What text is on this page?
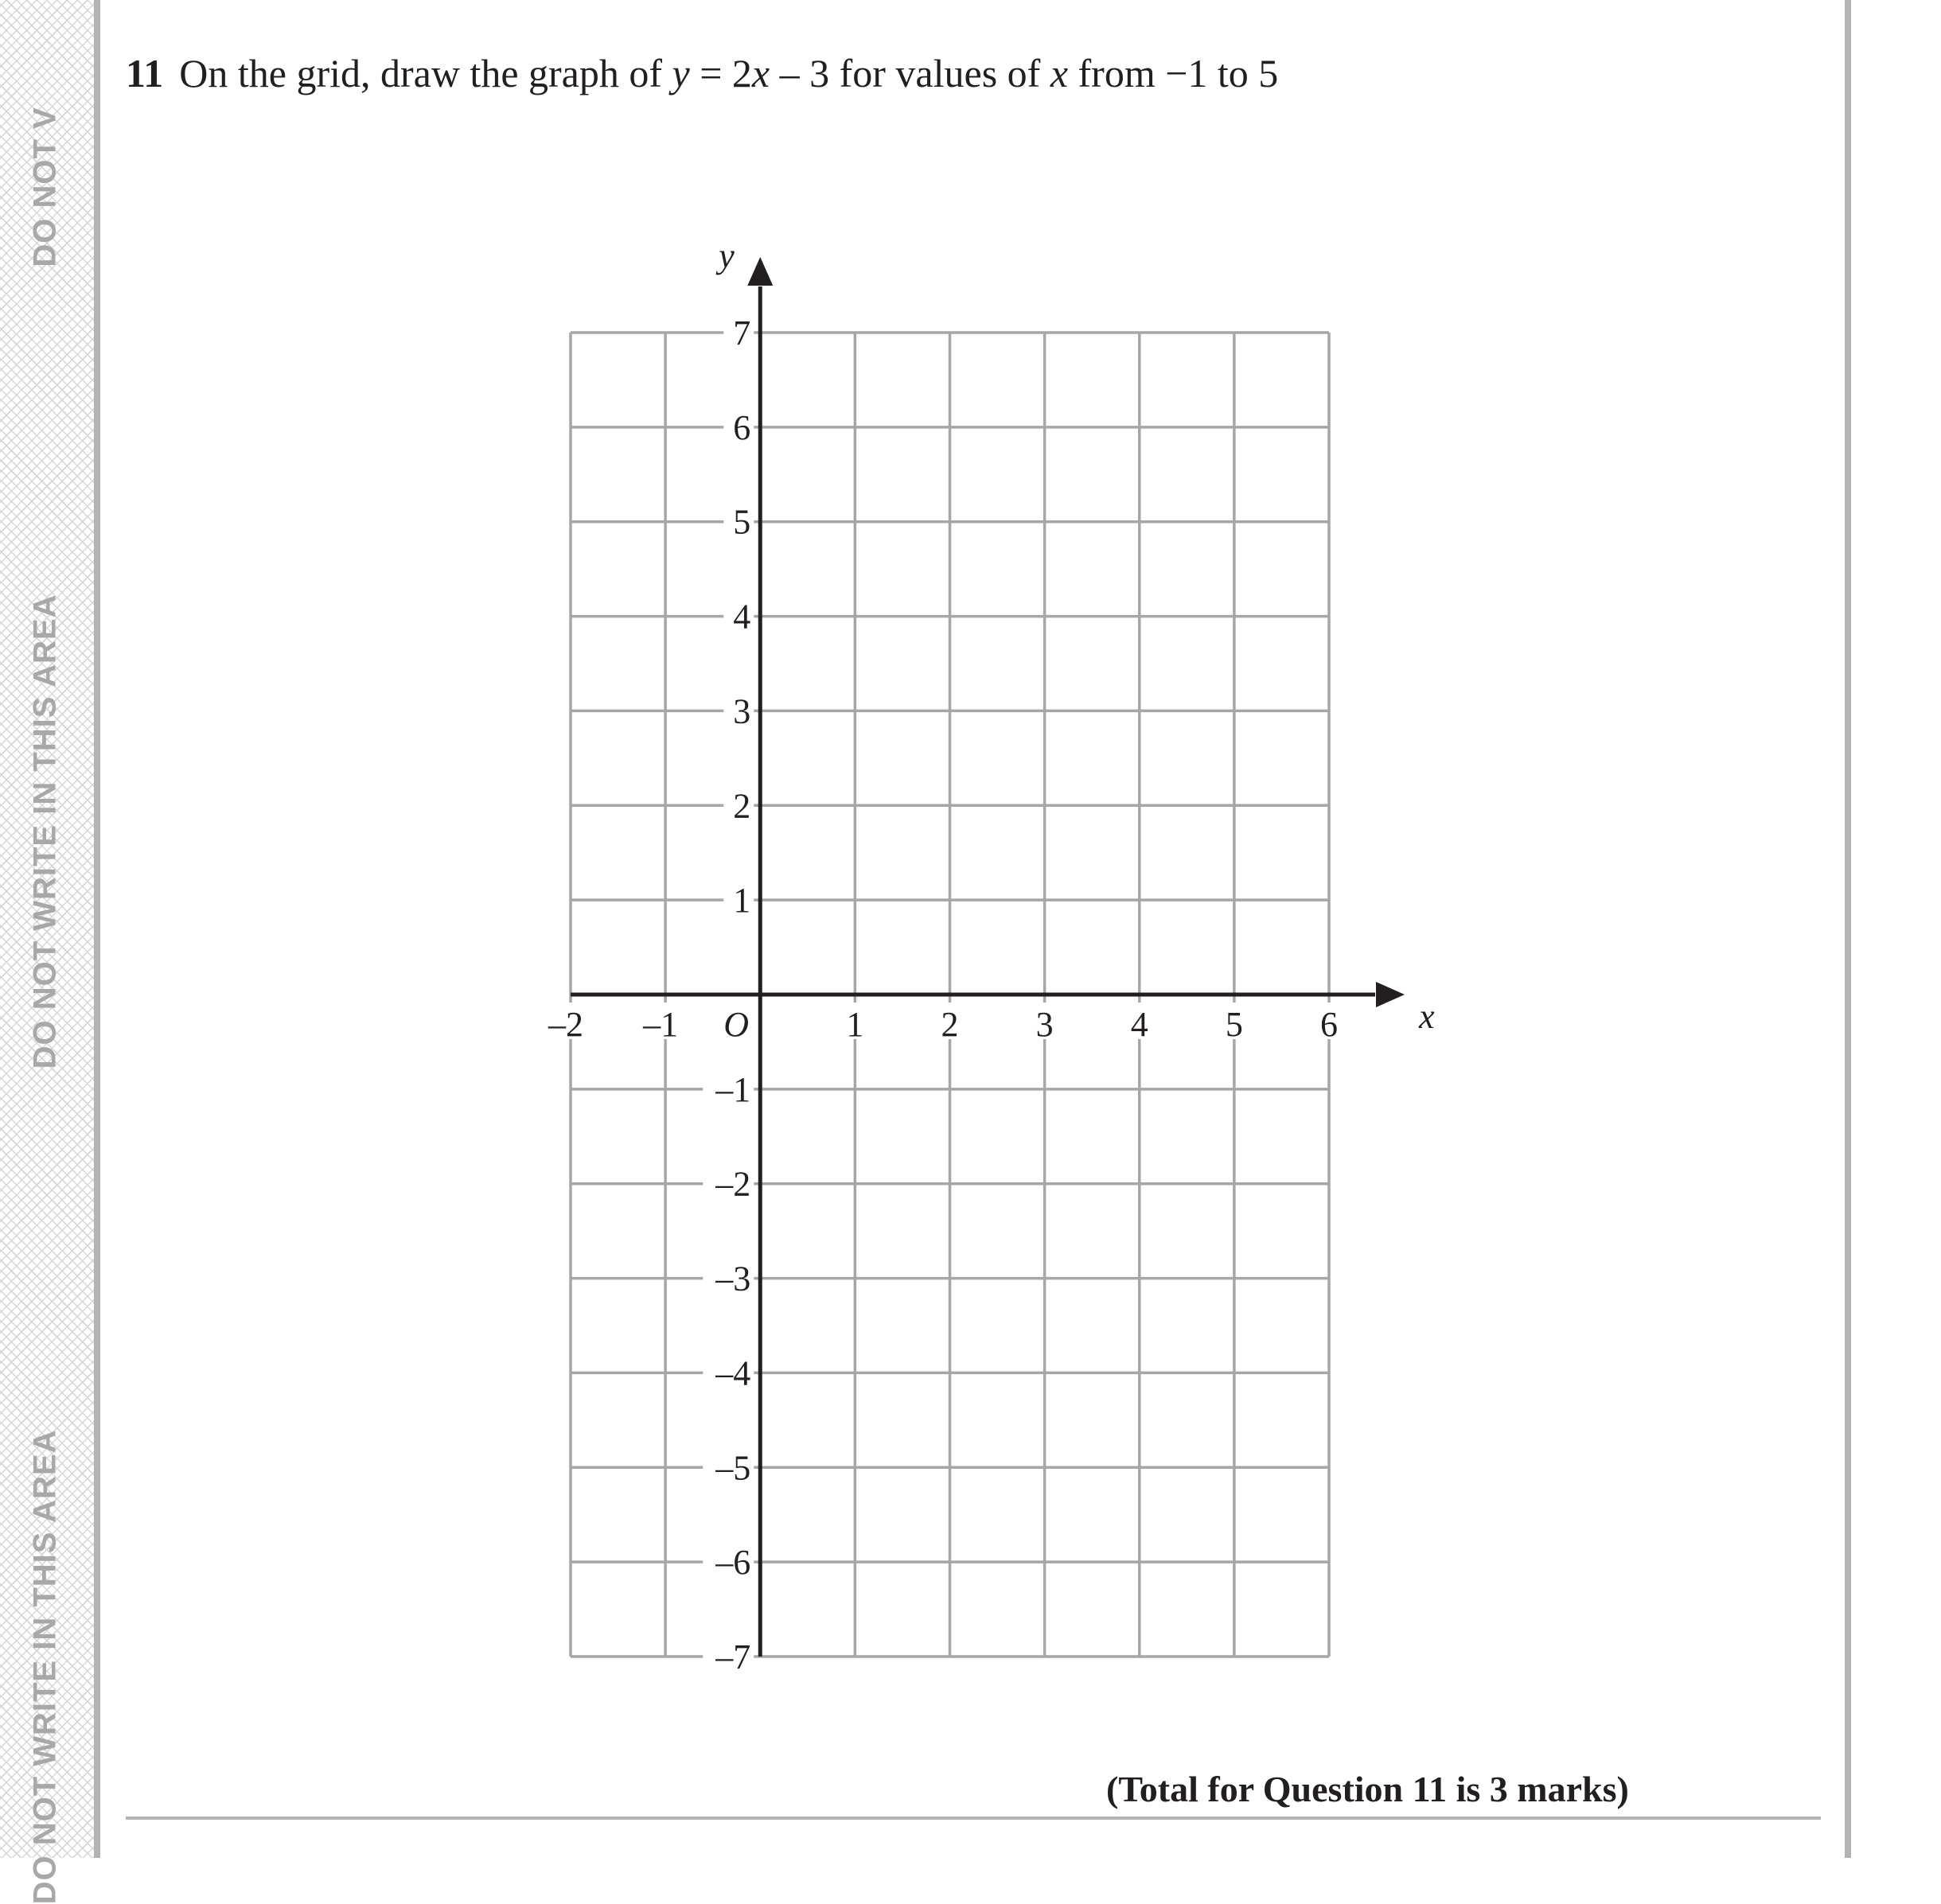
DO NOT V
DO NOT WRITE IN THIS AREA
DO NOT WRITE IN THIS AREA
11 On the grid, draw the graph of y = 2x – 3 for values of x from −1 to 5
7
6
5
4
3
2
1
–1
–2
–3
–4
–5
–6
–7
–2 –1	1 2 3 4 5 6 x
y
O
(Total for Question 11 is 3 marks)
